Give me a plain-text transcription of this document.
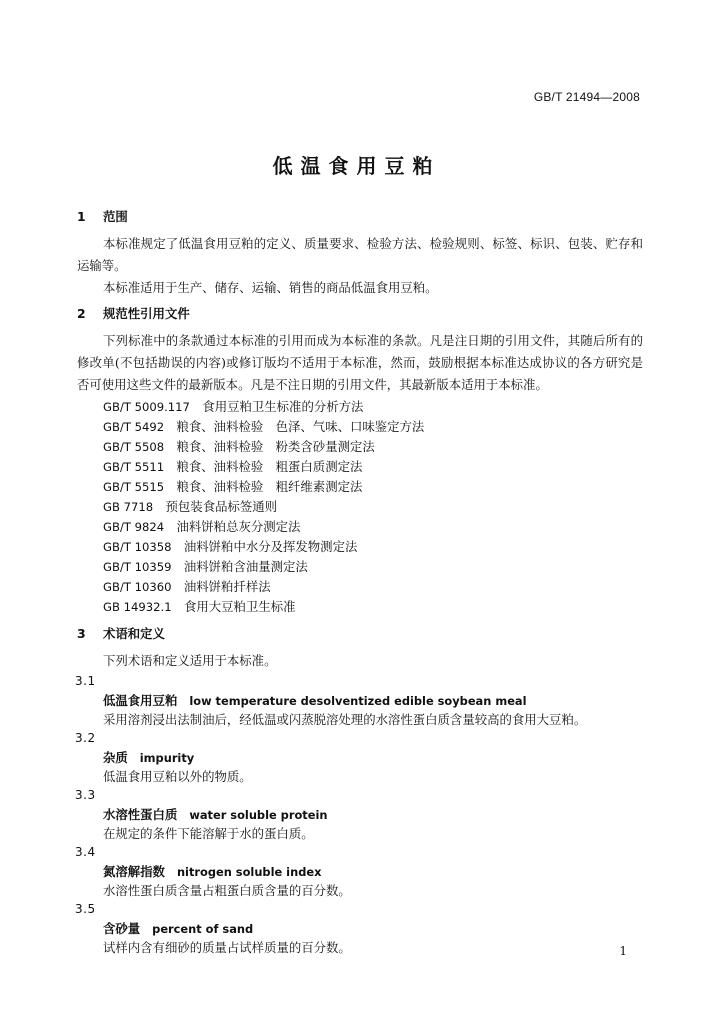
GB/T 21494—2008
低温食用豆粕
1 范围
本标准规定了低温食用豆粕的定义、质量要求、检验方法、检验规则、标签、标识、包装、贮存和运输等。
本标准适用于生产、储存、运输、销售的商品低温食用豆粕。
2 规范性引用文件
下列标准中的条款通过本标准的引用而成为本标准的条款。凡是注日期的引用文件，其随后所有的修改单(不包括勘误的内容)或修订版均不适用于本标准，然而，鼓励根据本标准达成协议的各方研究是否可使用这些文件的最新版本。凡是不注日期的引用文件，其最新版本适用于本标准。
GB/T 5009.117　 食用豆粕卫生标准的分析方法
GB/T 5492　 粮食、油料检验　色泽、气味、口味鉴定方法
GB/T 5508　 粮食、油料检验　粉类含砂量测定法
GB/T 5511　 粮食、油料检验　粗蛋白质测定法
GB/T 5515　 粮食、油料检验　粗纤维素测定法
GB 7718　 预包装食品标签通则
GB/T 9824　 油料饼粕总灰分测定法
GB/T 10358　 油料饼粕中水分及挥发物测定法
GB/T 10359　 油料饼粕含油量测定法
GB/T 10360　 油料饼粕扦样法
GB 14932.1　 食用大豆粕卫生标准
3 术语和定义
下列术语和定义适用于本标准。
3.1
低温食用豆粕 low temperature desolventized edible soybean meal
采用溶剂浸出法制油后，经低温或闪蒸脱溶处理的水溶性蛋白质含量较高的食用大豆粕。
3.2
杂质 impurity
低温食用豆粕以外的物质。
3.3
水溶性蛋白质 water soluble protein
在规定的条件下能溶解于水的蛋白质。
3.4
氮溶解指数 nitrogen soluble index
水溶性蛋白质含量占粗蛋白质含量的百分数。
3.5
含砂量 percent of sand
试样内含有细砂的质量占试样质量的百分数。	1
